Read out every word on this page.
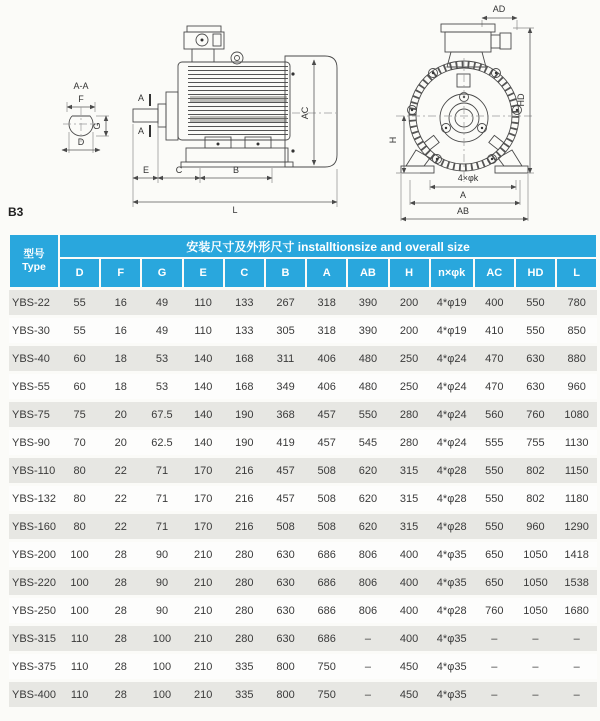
A-A
F
G
D
A
A
AC
E	C	B
L
AD
H
HD
4×φk
A
AB
B3
型号
Type	安装尺寸及外形尺寸 installtionsize and overall size												
	D	F	G	E	C	B	A	AB	H	n×φk	AC	HD	L
YBS-22	55	16	49	110	133	267	318	390	200	4*φ19	400	550	780
YBS-30	55	16	49	110	133	305	318	390	200	4*φ19	410	550	850
YBS-40	60	18	53	140	168	311	406	480	250	4*φ24	470	630	880
YBS-55	60	18	53	140	168	349	406	480	250	4*φ24	470	630	960
YBS-75	75	20	67.5	140	190	368	457	550	280	4*φ24	560	760	1080
YBS-90	70	20	62.5	140	190	419	457	545	280	4*φ24	555	755	1130
YBS-110	80	22	71	170	216	457	508	620	315	4*φ28	550	802	1150
YBS-132	80	22	71	170	216	457	508	620	315	4*φ28	550	802	1180
YBS-160	80	22	71	170	216	508	508	620	315	4*φ28	550	960	1290
YBS-200	100	28	90	210	280	630	686	806	400	4*φ35	650	1050	1418
YBS-220	100	28	90	210	280	630	686	806	400	4*φ35	650	1050	1538
YBS-250	100	28	90	210	280	630	686	806	400	4*φ28	760	1050	1680
YBS-315	110	28	100	210	280	630	686	–	400	4*φ35	–	–	–
YBS-375	110	28	100	210	335	800	750	–	450	4*φ35	–	–	–
YBS-400	110	28	100	210	335	800	750	–	450	4*φ35	–	–	–
